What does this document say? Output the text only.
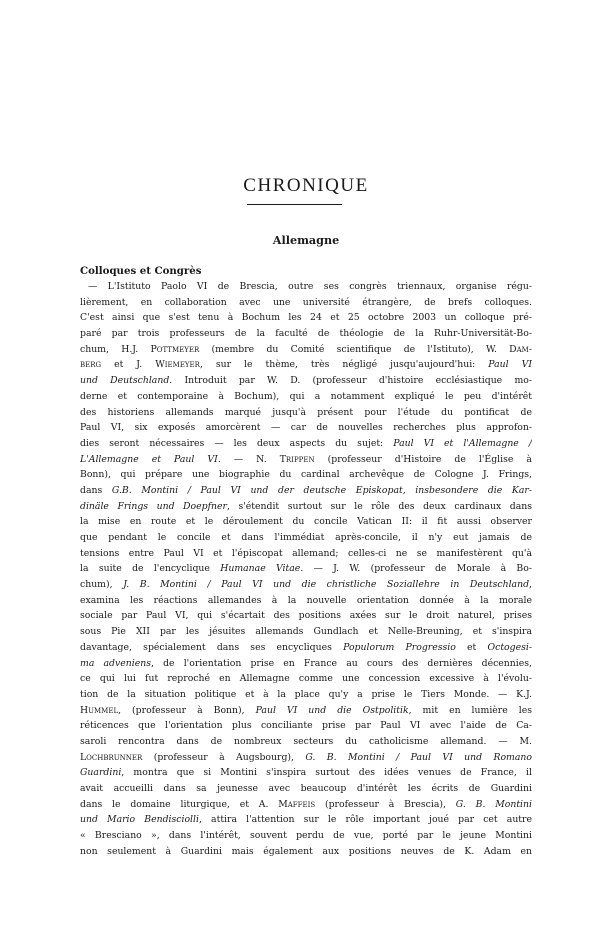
CHRONIQUE
Allemagne
Colloques et Congrès
— L'Istituto Paolo VI de Brescia, outre ses congrès triennaux, organise régu-
lièrement, en collaboration avec une université étrangère, de brefs colloques.
C'est ainsi que s'est tenu à Bochum les 24 et 25 octobre 2003 un colloque pré-
paré par trois professeurs de la faculté de théologie de la Ruhr-Universität-Bo-
chum, H.J. Pottmeyer (membre du Comité scientifique de l'Istituto), W. Dam-
berg et J. Wiemeyer, sur le thème, très négligé jusqu'aujourd'hui: Paul VI
und Deutschland. Introduit par W. D. (professeur d'histoire ecclésiastique mo-
derne et contemporaine à Bochum), qui a notamment expliqué le peu d'intérêt
des historiens allemands marqué jusqu'à présent pour l'étude du pontificat de
Paul VI, six exposés amorcèrent — car de nouvelles recherches plus approfon-
dies seront nécessaires — les deux aspects du sujet: Paul VI et l'Allemagne /
L'Allemagne et Paul VI. — N. Trippen (professeur d'Histoire de l'Église à
Bonn), qui prépare une biographie du cardinal archevêque de Cologne J. Frings,
dans G.B. Montini / Paul VI und der deutsche Episkopat, insbesondere die Kar-
dinäle Frings und Doepfner, s'étendit surtout sur le rôle des deux cardinaux dans
la mise en route et le déroulement du concile Vatican II: il fit aussi observer
que pendant le concile et dans l'immédiat après-concile, il n'y eut jamais de
tensions entre Paul VI et l'épiscopat allemand; celles-ci ne se manifestèrent qu'à
la suite de l'encyclique Humanae Vitae. — J. W. (professeur de Morale à Bo-
chum), J. B. Montini / Paul VI und die christliche Soziallehre in Deutschland,
examina les réactions allemandes à la nouvelle orientation donnée à la morale
sociale par Paul VI, qui s'écartait des positions axées sur le droit naturel, prises
sous Pie XII par les jésuites allemands Gundlach et Nelle-Breuning, et s'inspira
davantage, spécialement dans ses encycliques Populorum Progressio et Octogesi-
ma adveniens, de l'orientation prise en France au cours des dernières décennies,
ce qui lui fut reproché en Allemagne comme une concession excessive à l'évolu-
tion de la situation politique et à la place qu'y a prise le Tiers Monde. — K.J.
Hummel, (professeur à Bonn), Paul VI und die Ostpolitik, mit en lumière les
réticences que l'orientation plus conciliante prise par Paul VI avec l'aide de Ca-
saroli rencontra dans de nombreux secteurs du catholicisme allemand. — M.
Lochbrunner (professeur à Augsbourg), G. B. Montini / Paul VI und Romano
Guardini, montra que si Montini s'inspira surtout des idées venues de France, il
avait accueilli dans sa jeunesse avec beaucoup d'intérêt les écrits de Guardini
dans le domaine liturgique, et A. Maffeis (professeur à Brescia), G. B. Montini
und Mario Bendisciolli, attira l'attention sur le rôle important joué par cet autre
« Bresciano », dans l'intérêt, souvent perdu de vue, porté par le jeune Montini
non seulement à Guardini mais également aux positions neuves de K. Adam en
